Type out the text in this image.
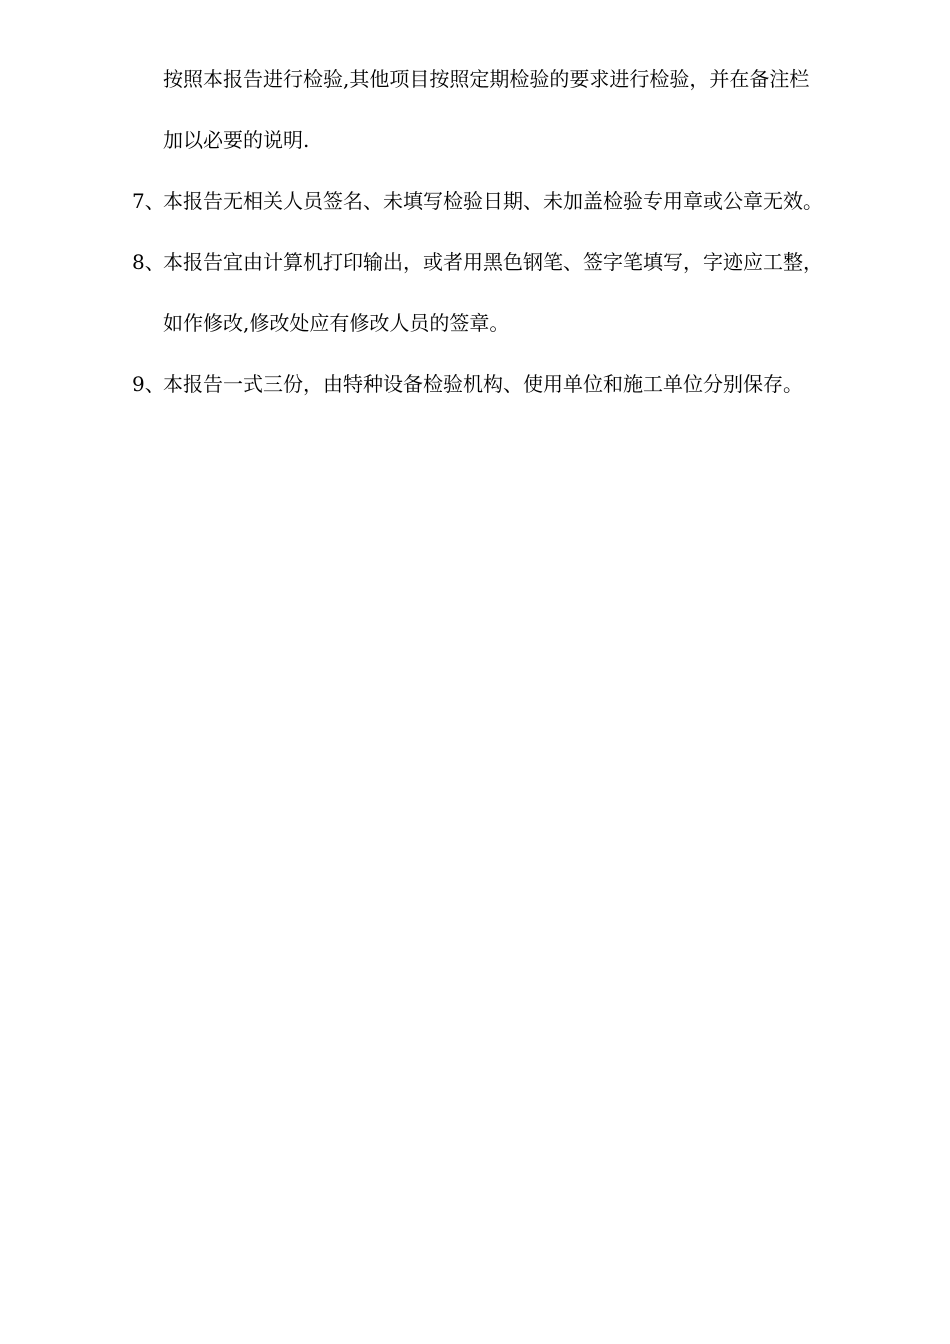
按照本报告进行检验,其他项目按照定期检验的要求进行检验，并在备注栏
加以必要的说明.
7、本报告无相关人员签名、未填写检验日期、未加盖检验专用章或公章无效。
8、本报告宜由计算机打印输出，或者用黑色钢笔、签字笔填写，字迹应工整，
如作修改,修改处应有修改人员的签章。
9、本报告一式三份，由特种设备检验机构、使用单位和施工单位分别保存。
